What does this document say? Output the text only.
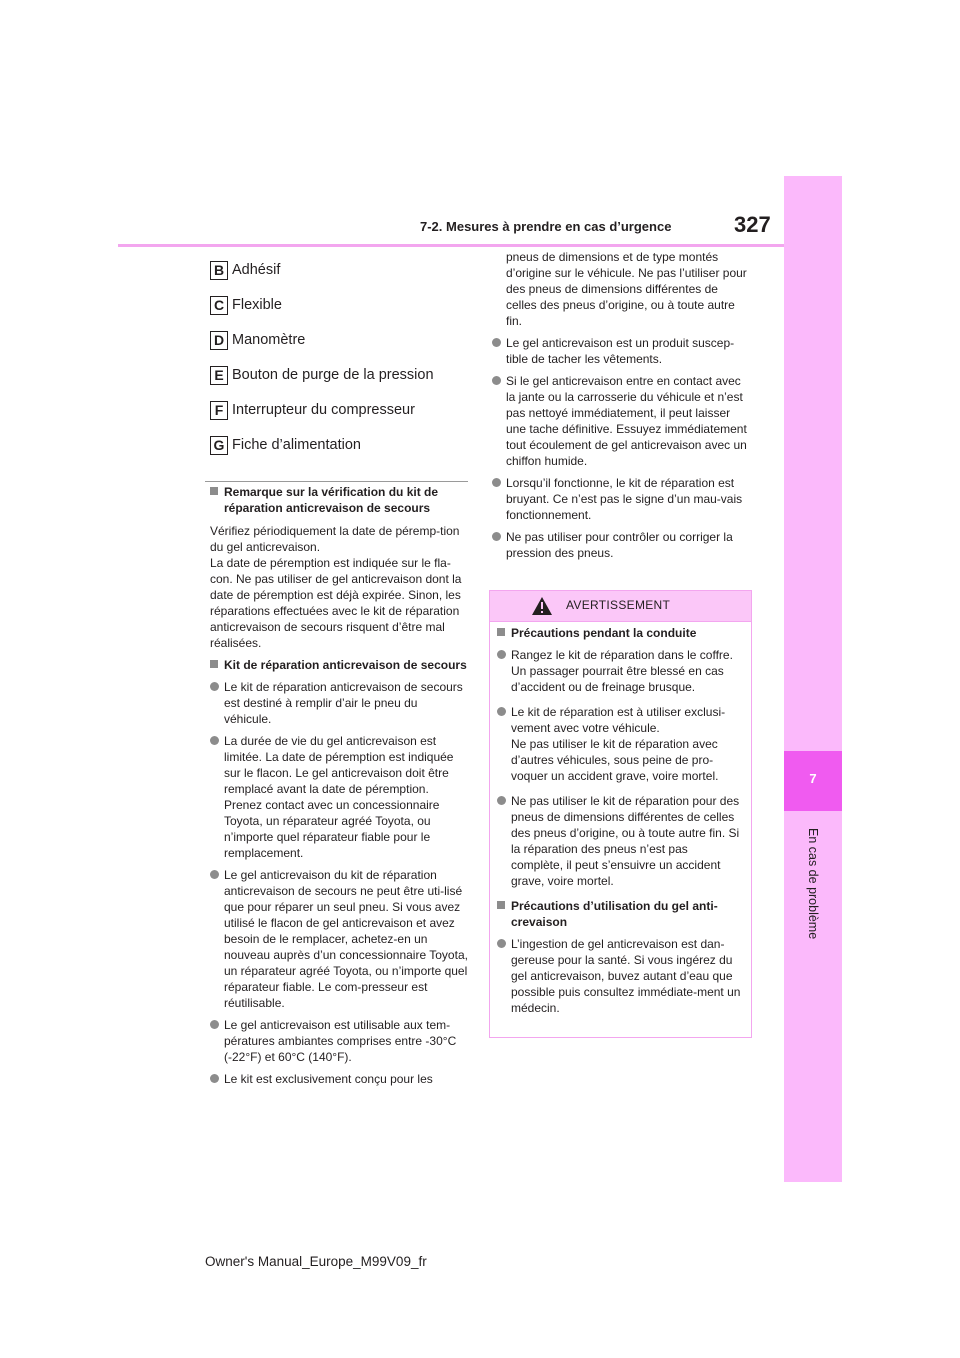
7-2. Mesures à prendre en cas d’urgence	327
7
En cas de problème
B Adhésif
C Flexible
D Manomètre
E Bouton de purge de la pression
F Interrupteur du compresseur
G Fiche d’alimentation
Remarque sur la vérification du kit de réparation anticrevaison de secours
Vérifiez périodiquement la date de péremp-tion du gel anticrevaison.
La date de péremption est indiquée sur le fla-con. Ne pas utiliser de gel anticrevaison dont la date de péremption est déjà expirée. Sinon, les réparations effectuées avec le kit de réparation anticrevaison de secours risquent d’être mal réalisées.
Kit de réparation anticrevaison de secours
Le kit de réparation anticrevaison de secours est destiné à remplir d’air le pneu du véhicule.
La durée de vie du gel anticrevaison est limitée. La date de péremption est indiquée sur le flacon. Le gel anticrevaison doit être remplacé avant la date de péremption. Prenez contact avec un concessionnaire Toyota, un réparateur agréé Toyota, ou n’importe quel réparateur fiable pour le remplacement.
Le gel anticrevaison du kit de réparation anticrevaison de secours ne peut être uti-lisé que pour réparer un seul pneu. Si vous avez utilisé le flacon de gel anticrevaison et avez besoin de le remplacer, achetez-en un nouveau auprès d’un concessionnaire Toyota, un réparateur agréé Toyota, ou n’importe quel réparateur fiable. Le com-presseur est réutilisable.
Le gel anticrevaison est utilisable aux tem-pératures ambiantes comprises entre -30°C (-22°F) et 60°C (140°F).
Le kit est exclusivement conçu pour les
pneus de dimensions et de type montés d’origine sur le véhicule. Ne pas l’utiliser pour des pneus de dimensions différentes de celles des pneus d’origine, ou à toute autre fin.
Le gel anticrevaison est un produit suscep-tible de tacher les vêtements.
Si le gel anticrevaison entre en contact avec la jante ou la carrosserie du véhicule et n’est pas nettoyé immédiatement, il peut laisser une tache définitive. Essuyez immédiatement tout écoulement de gel anticrevaison avec un chiffon humide.
Lorsqu’il fonctionne, le kit de réparation est bruyant. Ce n’est pas le signe d’un mau-vais fonctionnement.
Ne pas utiliser pour contrôler ou corriger la pression des pneus.
AVERTISSEMENT
Précautions pendant la conduite
Rangez le kit de réparation dans le coffre.
Un passager pourrait être blessé en cas d’accident ou de freinage brusque.
Le kit de réparation est à utiliser exclusi-vement avec votre véhicule.
Ne pas utiliser le kit de réparation avec d’autres véhicules, sous peine de pro-voquer un accident grave, voire mortel.
Ne pas utiliser le kit de réparation pour des pneus de dimensions différentes de celles des pneus d’origine, ou à toute autre fin. Si la réparation des pneus n’est pas complète, il peut s’ensuivre un accident grave, voire mortel.
Précautions d’utilisation du gel anti-crevaison
L’ingestion de gel anticrevaison est dan-gereuse pour la santé. Si vous ingérez du gel anticrevaison, buvez autant d’eau que possible puis consultez immédiate-ment un médecin.
Owner's Manual_Europe_M99V09_fr
